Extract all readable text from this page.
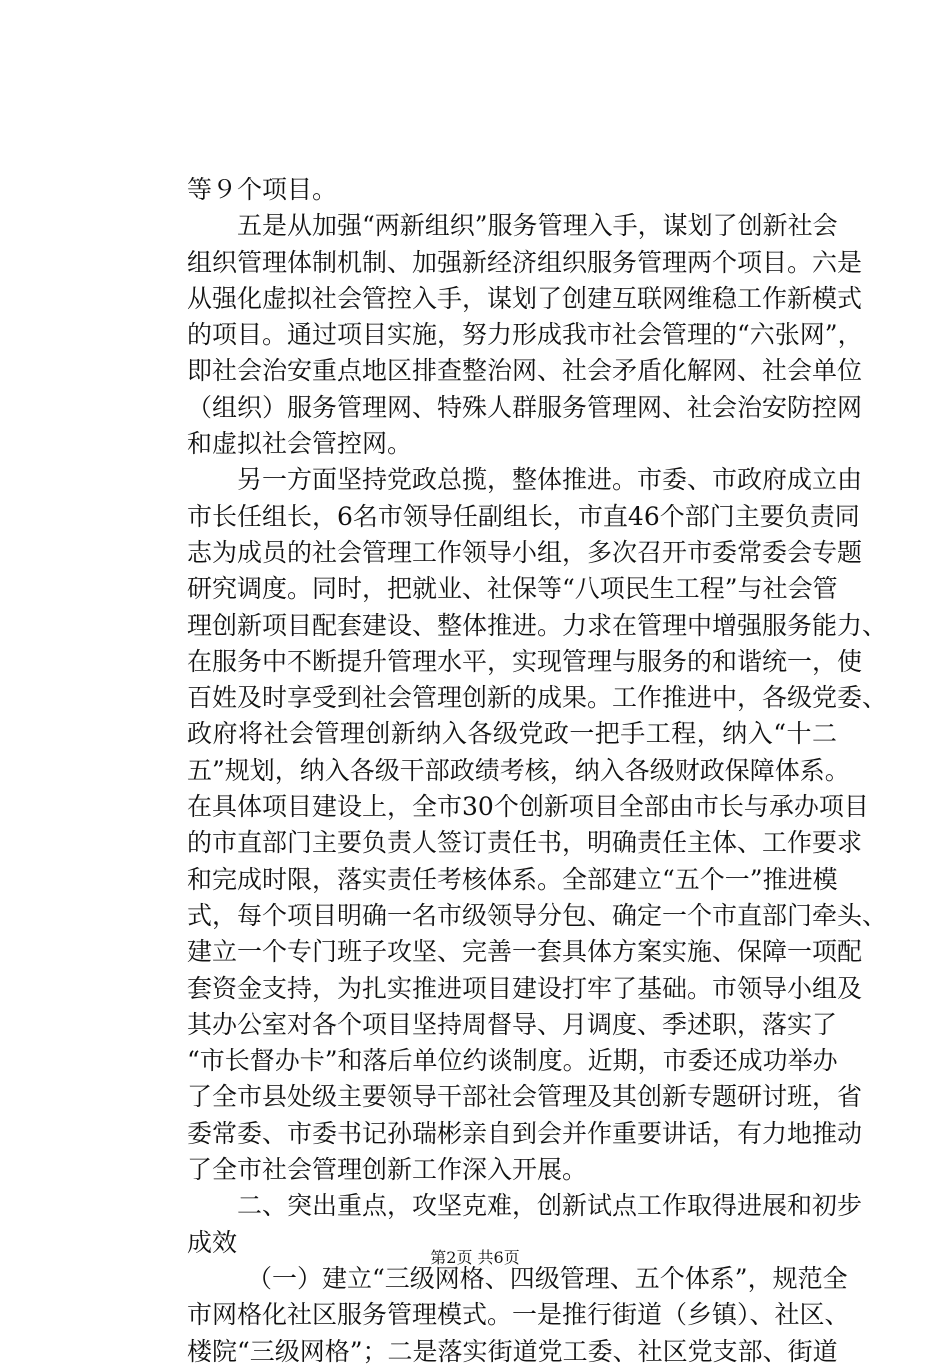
等９个项目。
五是从加强“两新组织”服务管理入手，谋划了创新社会
组织管理体制机制、加强新经济组织服务管理两个项目。六是
从强化虚拟社会管控入手，谋划了创建互联网维稳工作新模式
的项目。通过项目实施，努力形成我市社会管理的“六张网”，
即社会治安重点地区排查整治网、社会矛盾化解网、社会单位
（组织）服务管理网、特殊人群服务管理网、社会治安防控网
和虚拟社会管控网。
另一方面坚持党政总揽，整体推进。市委、市政府成立由
市长任组长，6名市领导任副组长，市直46个部门主要负责同
志为成员的社会管理工作领导小组，多次召开市委常委会专题
研究调度。同时，把就业、社保等“八项民生工程”与社会管
理创新项目配套建设、整体推进。力求在管理中增强服务能力、
在服务中不断提升管理水平，实现管理与服务的和谐统一，使
百姓及时享受到社会管理创新的成果。工作推进中，各级党委、
政府将社会管理创新纳入各级党政一把手工程，纳入“十二
五”规划，纳入各级干部政绩考核，纳入各级财政保障体系。
在具体项目建设上，全市30个创新项目全部由市长与承办项目
的市直部门主要负责人签订责任书，明确责任主体、工作要求
和完成时限，落实责任考核体系。全部建立“五个一”推进模
式，每个项目明确一名市级领导分包、确定一个市直部门牵头、
建立一个专门班子攻坚、完善一套具体方案实施、保障一项配
套资金支持，为扎实推进项目建设打牢了基础。市领导小组及
其办公室对各个项目坚持周督导、月调度、季述职，落实了
“市长督办卡”和落后单位约谈制度。近期，市委还成功举办
了全市县处级主要领导干部社会管理及其创新专题研讨班，省
委常委、市委书记孙瑞彬亲自到会并作重要讲话，有力地推动
了全市社会管理创新工作深入开展。
二、突出重点，攻坚克难，创新试点工作取得进展和初步
成效
（一）建立“三级网格、四级管理、五个体系”，规范全
市网格化社区服务管理模式。一是推行街道（乡镇）、社区、
楼院“三级网格”；二是落实街道党工委、社区党支部、街道
第2页 共6页
